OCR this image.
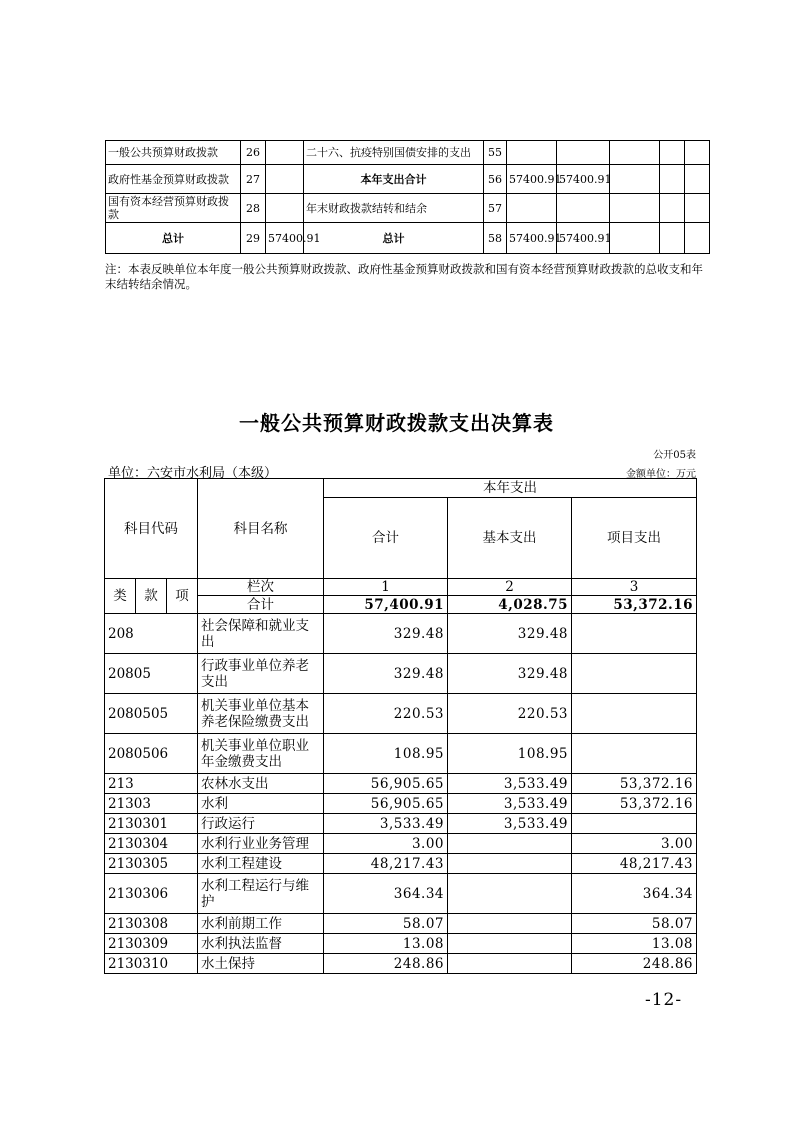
一般公共预算财政拨款	26		二十六、抗疫特别国债安排的支出	55					
政府性基金预算财政拨款	27		本年支出合计	56	57400.91	57400.91			
国有资本经营预算财政拨款	28		年末财政拨款结转和结余	57					
总计	29	57400.91	总计	58	57400.91	57400.91			
注：本表反映单位本年度一般公共预算财政拨款、政府性基金预算财政拨款和国有资本经营预算财政拨款的总收支和年末结转结余情况。
一般公共预算财政拨款支出决算表
公开05表
单位：六安市水利局（本级）	金额单位：万元
科目代码			科目名称	本年支出		
				合计	基本支出	项目支出
类	款	项	栏次	1	2	3
			合计	57,400.91	4,028.75	53,372.16
208			社会保障和就业支出	329.48	329.48	
20805			行政事业单位养老支出	329.48	329.48	
2080505			机关事业单位基本养老保险缴费支出	220.53	220.53	
2080506			机关事业单位职业年金缴费支出	108.95	108.95	
213			农林水支出	56,905.65	3,533.49	53,372.16
21303			水利	56,905.65	3,533.49	53,372.16
2130301			行政运行	3,533.49	3,533.49	
2130304			水利行业业务管理	3.00		3.00
2130305			水利工程建设	48,217.43		48,217.43
2130306			水利工程运行与维护	364.34		364.34
2130308			水利前期工作	58.07		58.07
2130309			水利执法监督	13.08		13.08
2130310			水土保持	248.86		248.86
-12-
